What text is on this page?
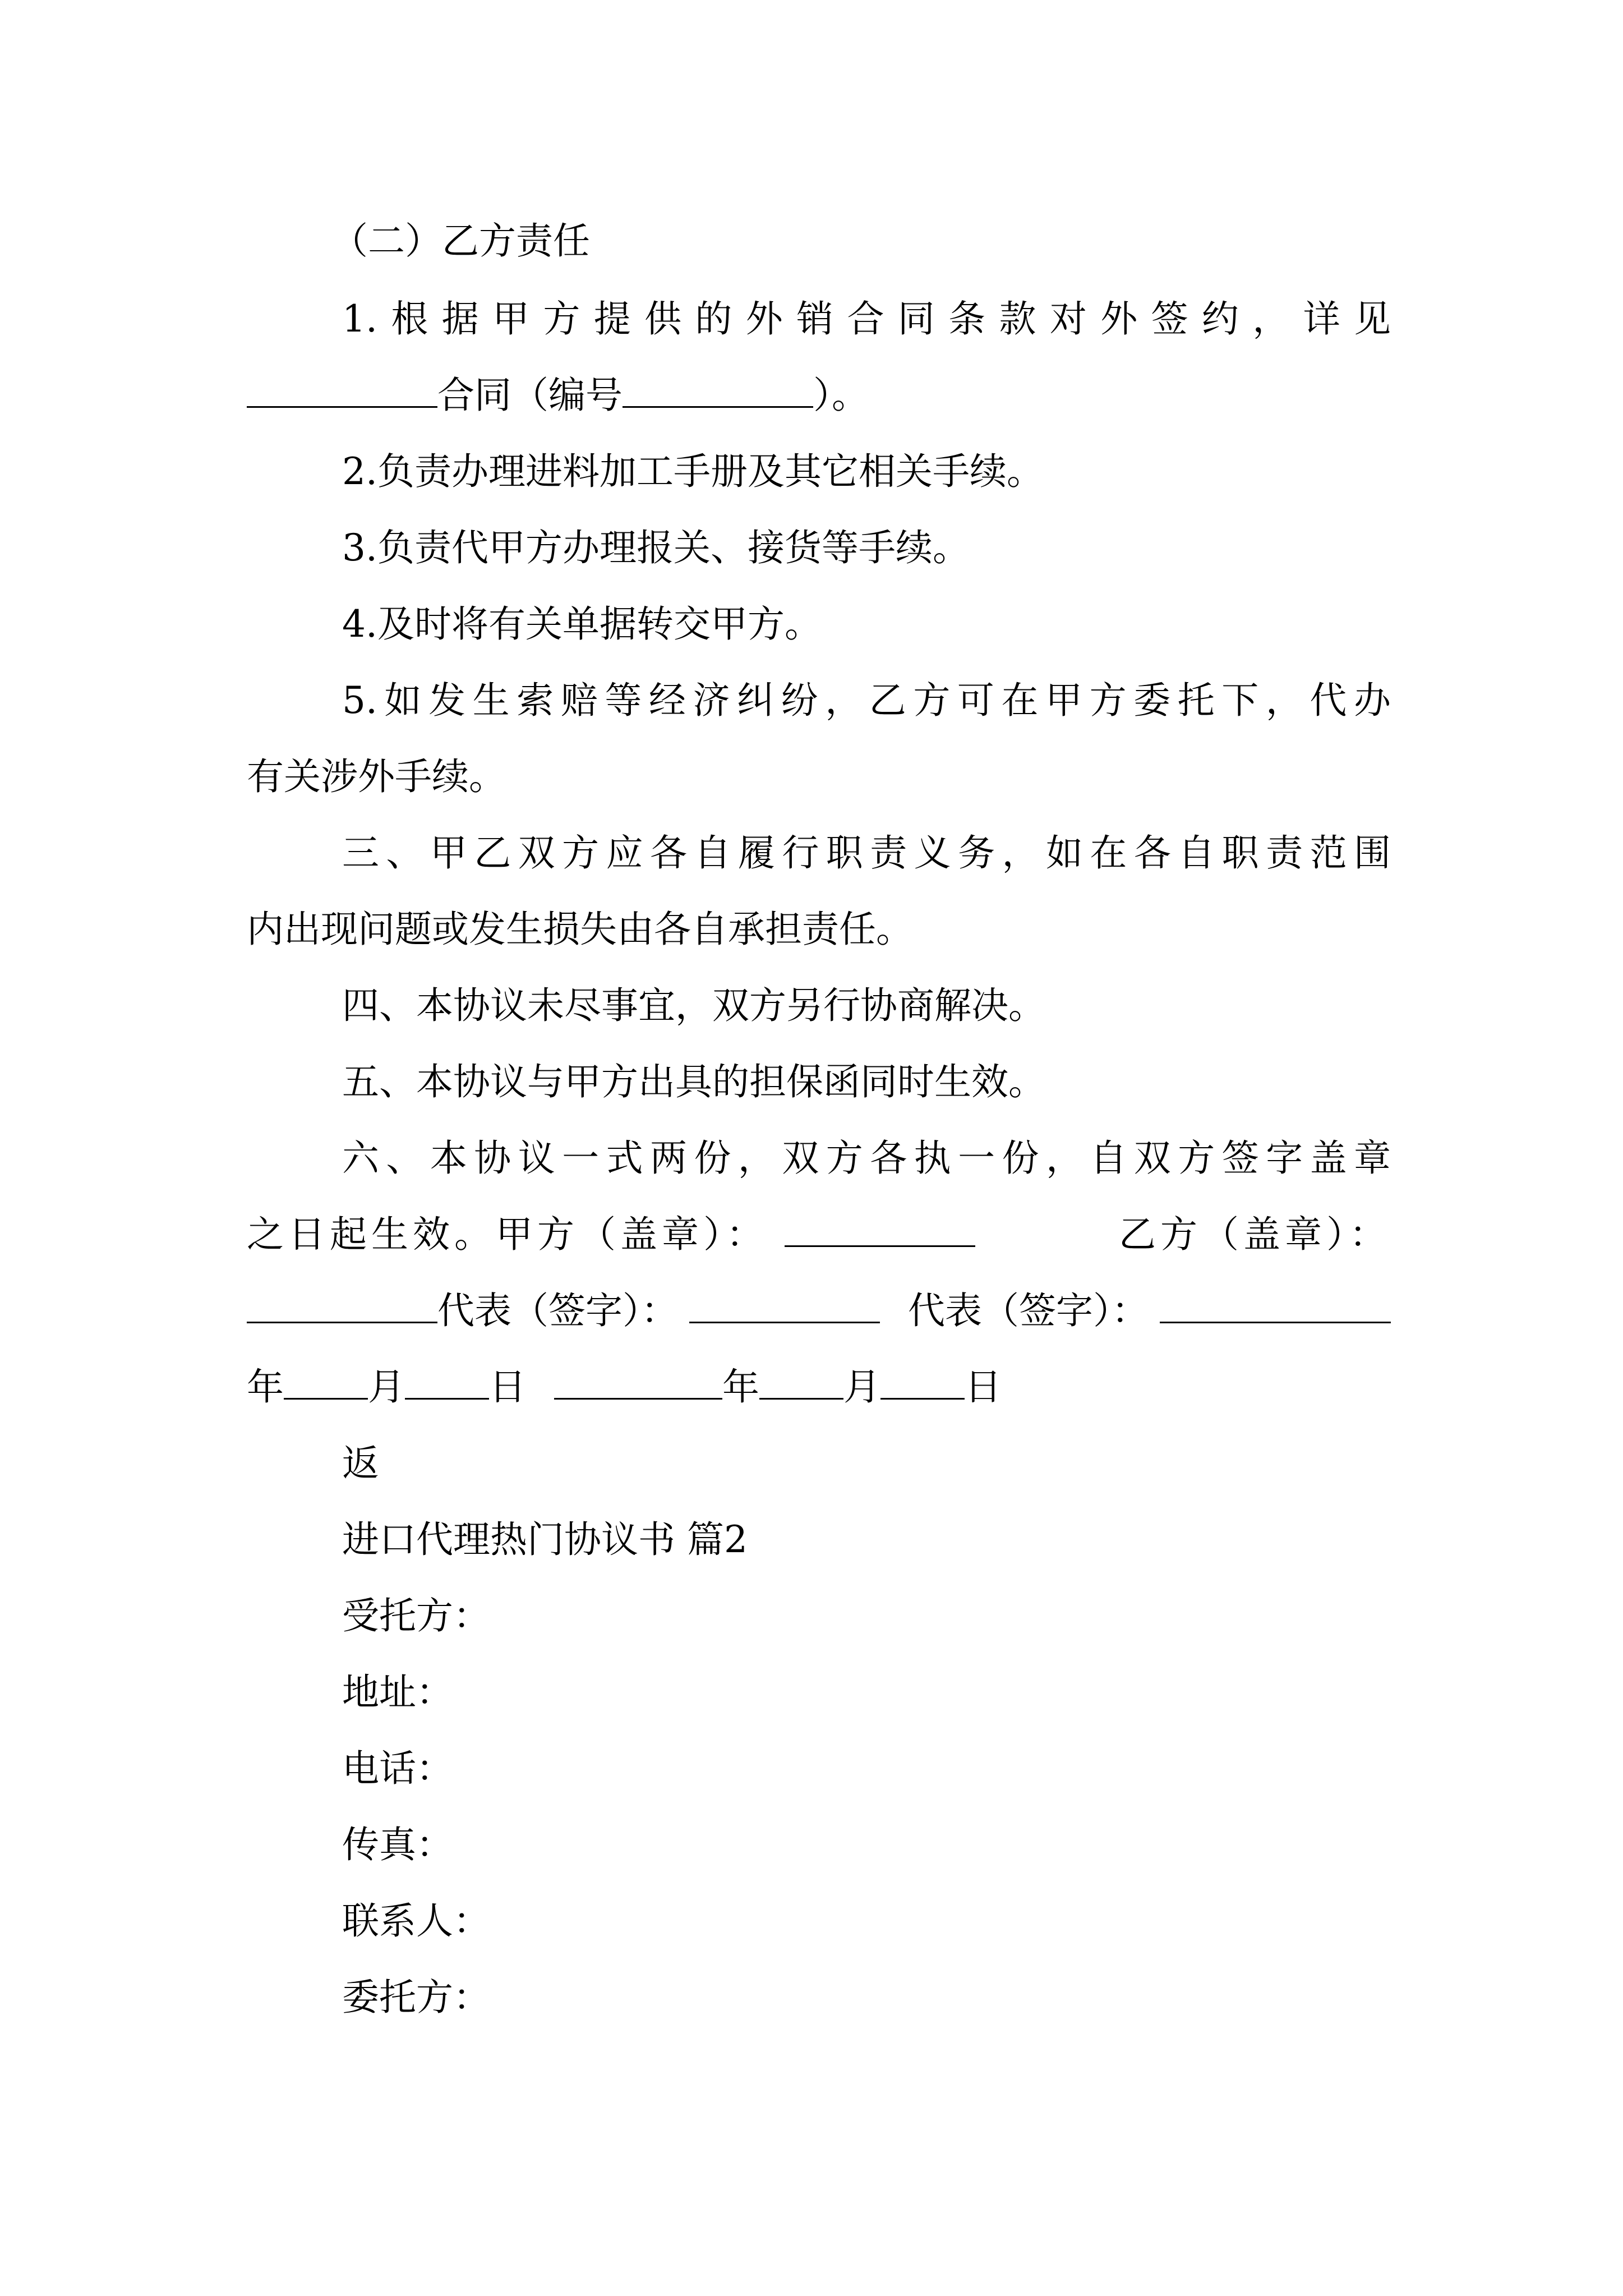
（二）乙方责任
1.根据甲方提供的外销合同条款对外签约，详见
合同（编号	）。
2.负责办理进料加工手册及其它相关手续。
3.负责代甲方办理报关、接货等手续。
4.及时将有关单据转交甲方。
5.如发生索赔等经济纠纷，乙方可在甲方委托下，代办
有关涉外手续。
三、甲乙双方应各自履行职责义务，如在各自职责范围
内出现问题或发生损失由各自承担责任。
四、本协议未尽事宜，双方另行协商解决。
五、本协议与甲方出具的担保函同时生效。
六、本协议一式两份，双方各执一份，自双方签字盖章
之日起生效。甲方（盖章）：	乙方（盖章）：
代表（签字）：	代表（签字）：
年 月 日	年 月 日
返
进口代理热门协议书 篇2
受托方：
地址：
电话：
传真：
联系人：
委托方：
